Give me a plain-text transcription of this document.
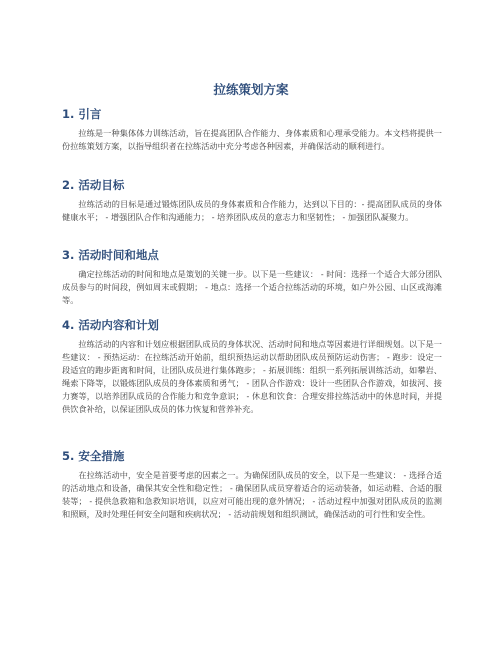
拉练策划方案
1. 引言

拉练是一种集体体力训练活动，旨在提高团队合作能力、身体素质和心理承受能力。本文档将提供一份拉练策划方案，以指导组织者在拉练活动中充分考虑各种因素，并确保活动的顺利进行。

2. 活动目标

拉练活动的目标是通过锻炼团队成员的身体素质和合作能力，达到以下目的：- 提高团队成员的身体健康水平； - 增强团队合作和沟通能力； - 培养团队成员的意志力和坚韧性； - 加强团队凝聚力。

3. 活动时间和地点

确定拉练活动的时间和地点是策划的关键一步。以下是一些建议： - 时间：选择一个适合大部分团队成员参与的时间段，例如周末或假期； - 地点：选择一个适合拉练活动的环境，如户外公园、山区或海滩等。

4. 活动内容和计划

拉练活动的内容和计划应根据团队成员的身体状况、活动时间和地点等因素进行详细规划。以下是一些建议： - 预热运动：在拉练活动开始前，组织预热运动以帮助团队成员预防运动伤害； - 跑步：设定一段适宜的跑步距离和时间，让团队成员进行集体跑步； - 拓展训练：组织一系列拓展训练活动，如攀岩、绳索下降等，以锻炼团队成员的身体素质和勇气； - 团队合作游戏：设计一些团队合作游戏，如拔河、接力赛等，以培养团队成员的合作能力和竞争意识； - 休息和饮食：合理安排拉练活动中的休息时间，并提供饮食补给，以保证团队成员的体力恢复和营养补充。

5. 安全措施

在拉练活动中，安全是首要考虑的因素之一。为确保团队成员的安全，以下是一些建议： - 选择合适的活动地点和设备，确保其安全性和稳定性； - 确保团队成员穿着适合的运动装备，如运动鞋、合适的服装等； - 提供急救箱和急救知识培训，以应对可能出现的意外情况； - 活动过程中加强对团队成员的监测和照顾，及时处理任何安全问题和疾病状况； - 活动前规划和组织测试，确保活动的可行性和安全性。
